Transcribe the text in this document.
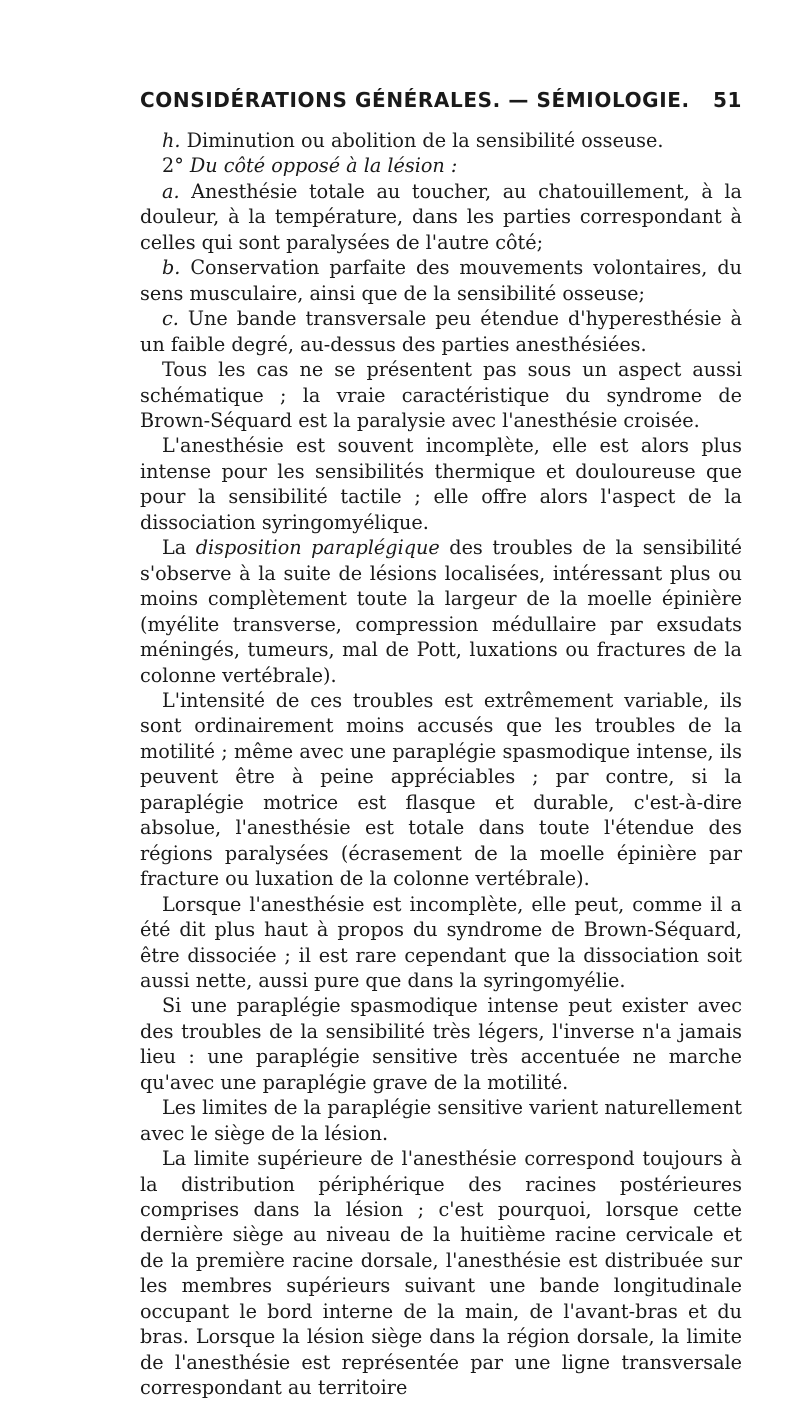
CONSIDÉRATIONS GÉNÉRALES. — SÉMIOLOGIE. 51

h. Diminution ou abolition de la sensibilité osseuse.

2° Du côté opposé à la lésion :

a. Anesthésie totale au toucher, au chatouillement, à la douleur, à la température, dans les parties correspondant à celles qui sont paralysées de l'autre côté;

b. Conservation parfaite des mouvements volontaires, du sens musculaire, ainsi que de la sensibilité osseuse;

c. Une bande transversale peu étendue d'hyperesthésie à un faible degré, au-dessus des parties anesthésiées.

Tous les cas ne se présentent pas sous un aspect aussi schématique ; la vraie caractéristique du syndrome de Brown-Séquard est la paralysie avec l'anesthésie croisée.

L'anesthésie est souvent incomplète, elle est alors plus intense pour les sensibilités thermique et douloureuse que pour la sensibilité tactile ; elle offre alors l'aspect de la dissociation syringomyélique.

La disposition paraplégique des troubles de la sensibilité s'observe à la suite de lésions localisées, intéressant plus ou moins complètement toute la largeur de la moelle épinière (myélite transverse, compression médullaire par exsudats méningés, tumeurs, mal de Pott, luxations ou fractures de la colonne vertébrale).

L'intensité de ces troubles est extrêmement variable, ils sont ordinairement moins accusés que les troubles de la motilité ; même avec une paraplégie spasmodique intense, ils peuvent être à peine appréciables ; par contre, si la paraplégie motrice est flasque et durable, c'est-à-dire absolue, l'anesthésie est totale dans toute l'étendue des régions paralysées (écrasement de la moelle épinière par fracture ou luxation de la colonne vertébrale).

Lorsque l'anesthésie est incomplète, elle peut, comme il a été dit plus haut à propos du syndrome de Brown-Séquard, être dissociée ; il est rare cependant que la dissociation soit aussi nette, aussi pure que dans la syringomyélie.

Si une paraplégie spasmodique intense peut exister avec des troubles de la sensibilité très légers, l'inverse n'a jamais lieu : une paraplégie sensitive très accentuée ne marche qu'avec une paraplégie grave de la motilité.

Les limites de la paraplégie sensitive varient naturellement avec le siège de la lésion.

La limite supérieure de l'anesthésie correspond toujours à la distribution périphérique des racines postérieures comprises dans la lésion ; c'est pourquoi, lorsque cette dernière siège au niveau de la huitième racine cervicale et de la première racine dorsale, l'anesthésie est distribuée sur les membres supérieurs suivant une bande longitudinale occupant le bord interne de la main, de l'avant-bras et du bras. Lorsque la lésion siège dans la région dorsale, la limite de l'anesthésie est représentée par une ligne transversale correspondant au territoire
